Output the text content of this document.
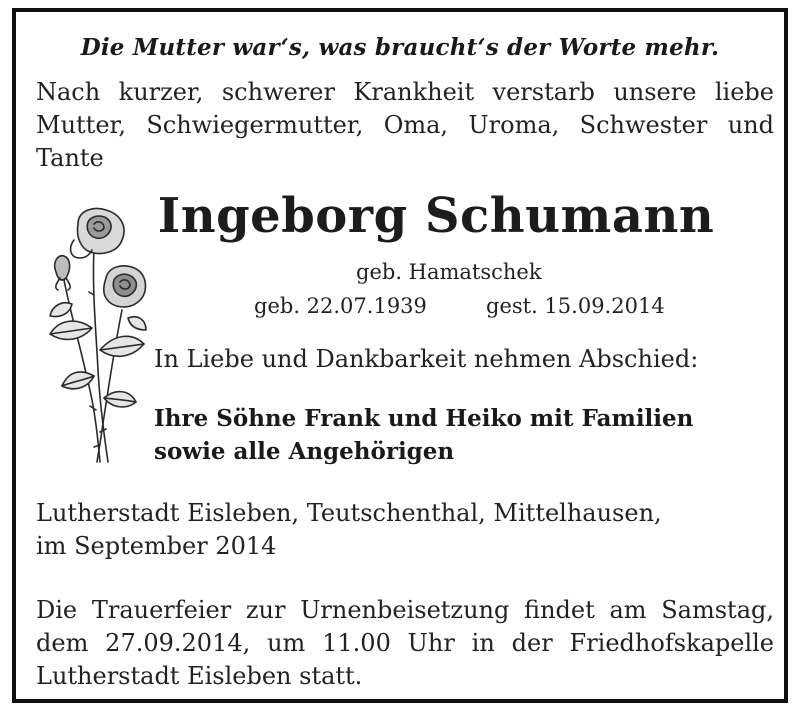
Die Mutter war‘s, was braucht‘s der Worte mehr.
Nach kurzer, schwerer Krankheit verstarb unsere liebe Mutter, Schwiegermutter, Oma, Uroma, Schwester und Tante
Ingeborg Schumann
geb. Hamatschek
geb. 22.07.1939	gest. 15.09.2014
In Liebe und Dankbarkeit nehmen Abschied:
Ihre Söhne Frank und Heiko mit Familien
sowie alle Angehörigen
Lutherstadt Eisleben, Teutschenthal, Mittelhausen,
im September 2014
Die Trauerfeier zur Urnenbeisetzung findet am Samstag, dem 27.09.2014, um 11.00 Uhr in der Friedhofskapelle Lutherstadt Eisleben statt.
